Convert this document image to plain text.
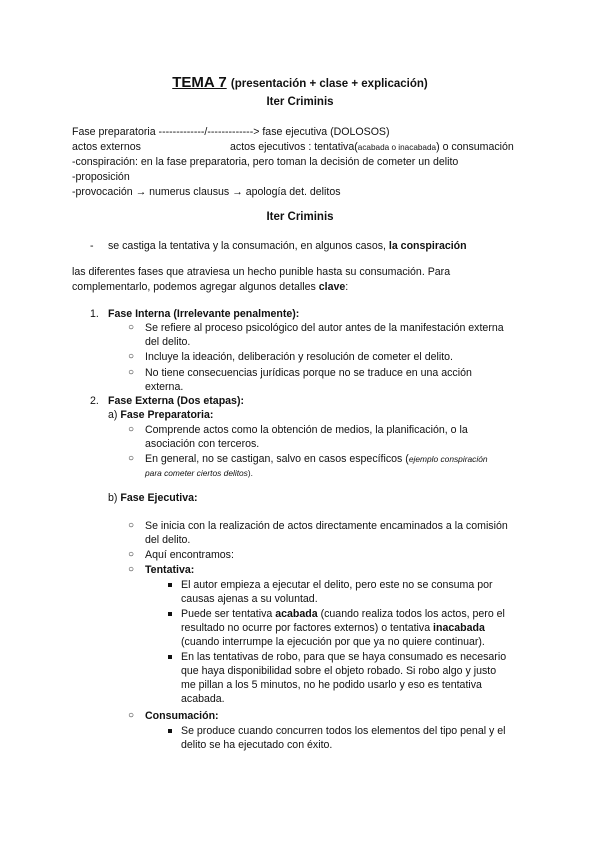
TEMA 7 (presentación + clase + explicación)
Iter Criminis
Fase preparatoria -------------/-------------> fase ejecutiva (DOLOSOS)
actos externos	actos ejecutivos : tentativa(acabada o inacabada) o consumación
-conspiración: en la fase preparatoria, pero toman la decisión de cometer un delito
-proposición
-provocación → numerus clausus → apología det. delitos
Iter Criminis
- se castiga la tentativa y la consumación, en algunos casos, la conspiración
las diferentes fases que atraviesa un hecho punible hasta su consumación. Para
complementarlo, podemos agregar algunos detalles clave:
1. Fase Interna (Irrelevante penalmente):
○ Se refiere al proceso psicológico del autor antes de la manifestación externa
del delito.
○ Incluye la ideación, deliberación y resolución de cometer el delito.
○ No tiene consecuencias jurídicas porque no se traduce en una acción
externa.
2. Fase Externa (Dos etapas):
a) Fase Preparatoria:
○ Comprende actos como la obtención de medios, la planificación, o la
asociación con terceros.
○ En general, no se castigan, salvo en casos específicos (ejemplo conspiración
para cometer ciertos delitos).
b) Fase Ejecutiva:
○ Se inicia con la realización de actos directamente encaminados a la comisión
del delito.
○ Aquí encontramos:
○ Tentativa:
El autor empieza a ejecutar el delito, pero este no se consuma por
causas ajenas a su voluntad.
Puede ser tentativa acabada (cuando realiza todos los actos, pero el
resultado no ocurre por factores externos) o tentativa inacabada
(cuando interrumpe la ejecución por que ya no quiere continuar).
En las tentativas de robo, para que se haya consumado es necesario
que haya disponibilidad sobre el objeto robado. Si robo algo y justo
me pillan a los 5 minutos, no he podido usarlo y eso es tentativa
acabada.
○ Consumación:
Se produce cuando concurren todos los elementos del tipo penal y el
delito se ha ejecutado con éxito.
